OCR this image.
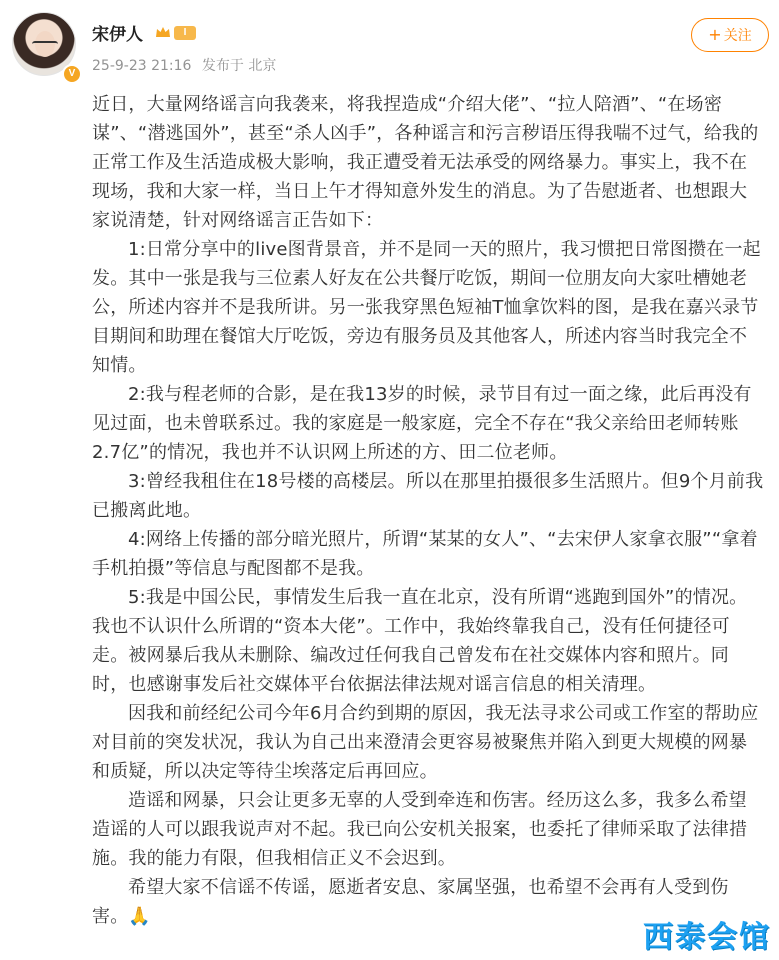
V
宋伊人	I
25-9-23 21:16 发布于 北京
+ 关注

近日，大量网络谣言向我袭来，将我捏造成“介绍大佬”、“拉人陪酒”、“在场密谋”、“潜逃国外”，甚至“杀人凶手”，各种谣言和污言秽语压得我喘不过气，给我的正常工作及生活造成极大影响，我正遭受着无法承受的网络暴力。事实上，我不在现场，我和大家一样，当日上午才得知意外发生的消息。为了告慰逝者、也想跟大家说清楚，针对网络谣言正告如下：

1:日常分享中的live图背景音，并不是同一天的照片，我习惯把日常图攒在一起发。其中一张是我与三位素人好友在公共餐厅吃饭，期间一位朋友向大家吐槽她老公，所述内容并不是我所讲。另一张我穿黑色短袖T恤拿饮料的图，是我在嘉兴录节目期间和助理在餐馆大厅吃饭，旁边有服务员及其他客人，所述内容当时我完全不知情。

2:我与程老师的合影，是在我13岁的时候，录节目有过一面之缘，此后再没有见过面，也未曾联系过。我的家庭是一般家庭，完全不存在“我父亲给田老师转账2.7亿”的情况，我也并不认识网上所述的方、田二位老师。

3:曾经我租住在18号楼的高楼层。所以在那里拍摄很多生活照片。但9个月前我已搬离此地。

4:网络上传播的部分暗光照片，所谓“某某的女人”、“去宋伊人家拿衣服”“拿着手机拍摄”等信息与配图都不是我。

5:我是中国公民，事情发生后我一直在北京，没有所谓“逃跑到国外”的情况。我也不认识什么所谓的“资本大佬”。工作中，我始终靠我自己，没有任何捷径可走。被网暴后我从未删除、编改过任何我自己曾发布在社交媒体内容和照片。同时，也感谢事发后社交媒体平台依据法律法规对谣言信息的相关清理。

因我和前经纪公司今年6月合约到期的原因，我无法寻求公司或工作室的帮助应对目前的突发状况，我认为自己出来澄清会更容易被聚焦并陷入到更大规模的网暴和质疑，所以决定等待尘埃落定后再回应。

造谣和网暴，只会让更多无辜的人受到牵连和伤害。经历这么多，我多么希望造谣的人可以跟我说声对不起。我已向公安机关报案，也委托了律师采取了法律措施。我的能力有限，但我相信正义不会迟到。

希望大家不信谣不传谣，愿逝者安息、家属坚强，也希望不会再有人受到伤害。🙏

西泰会馆
